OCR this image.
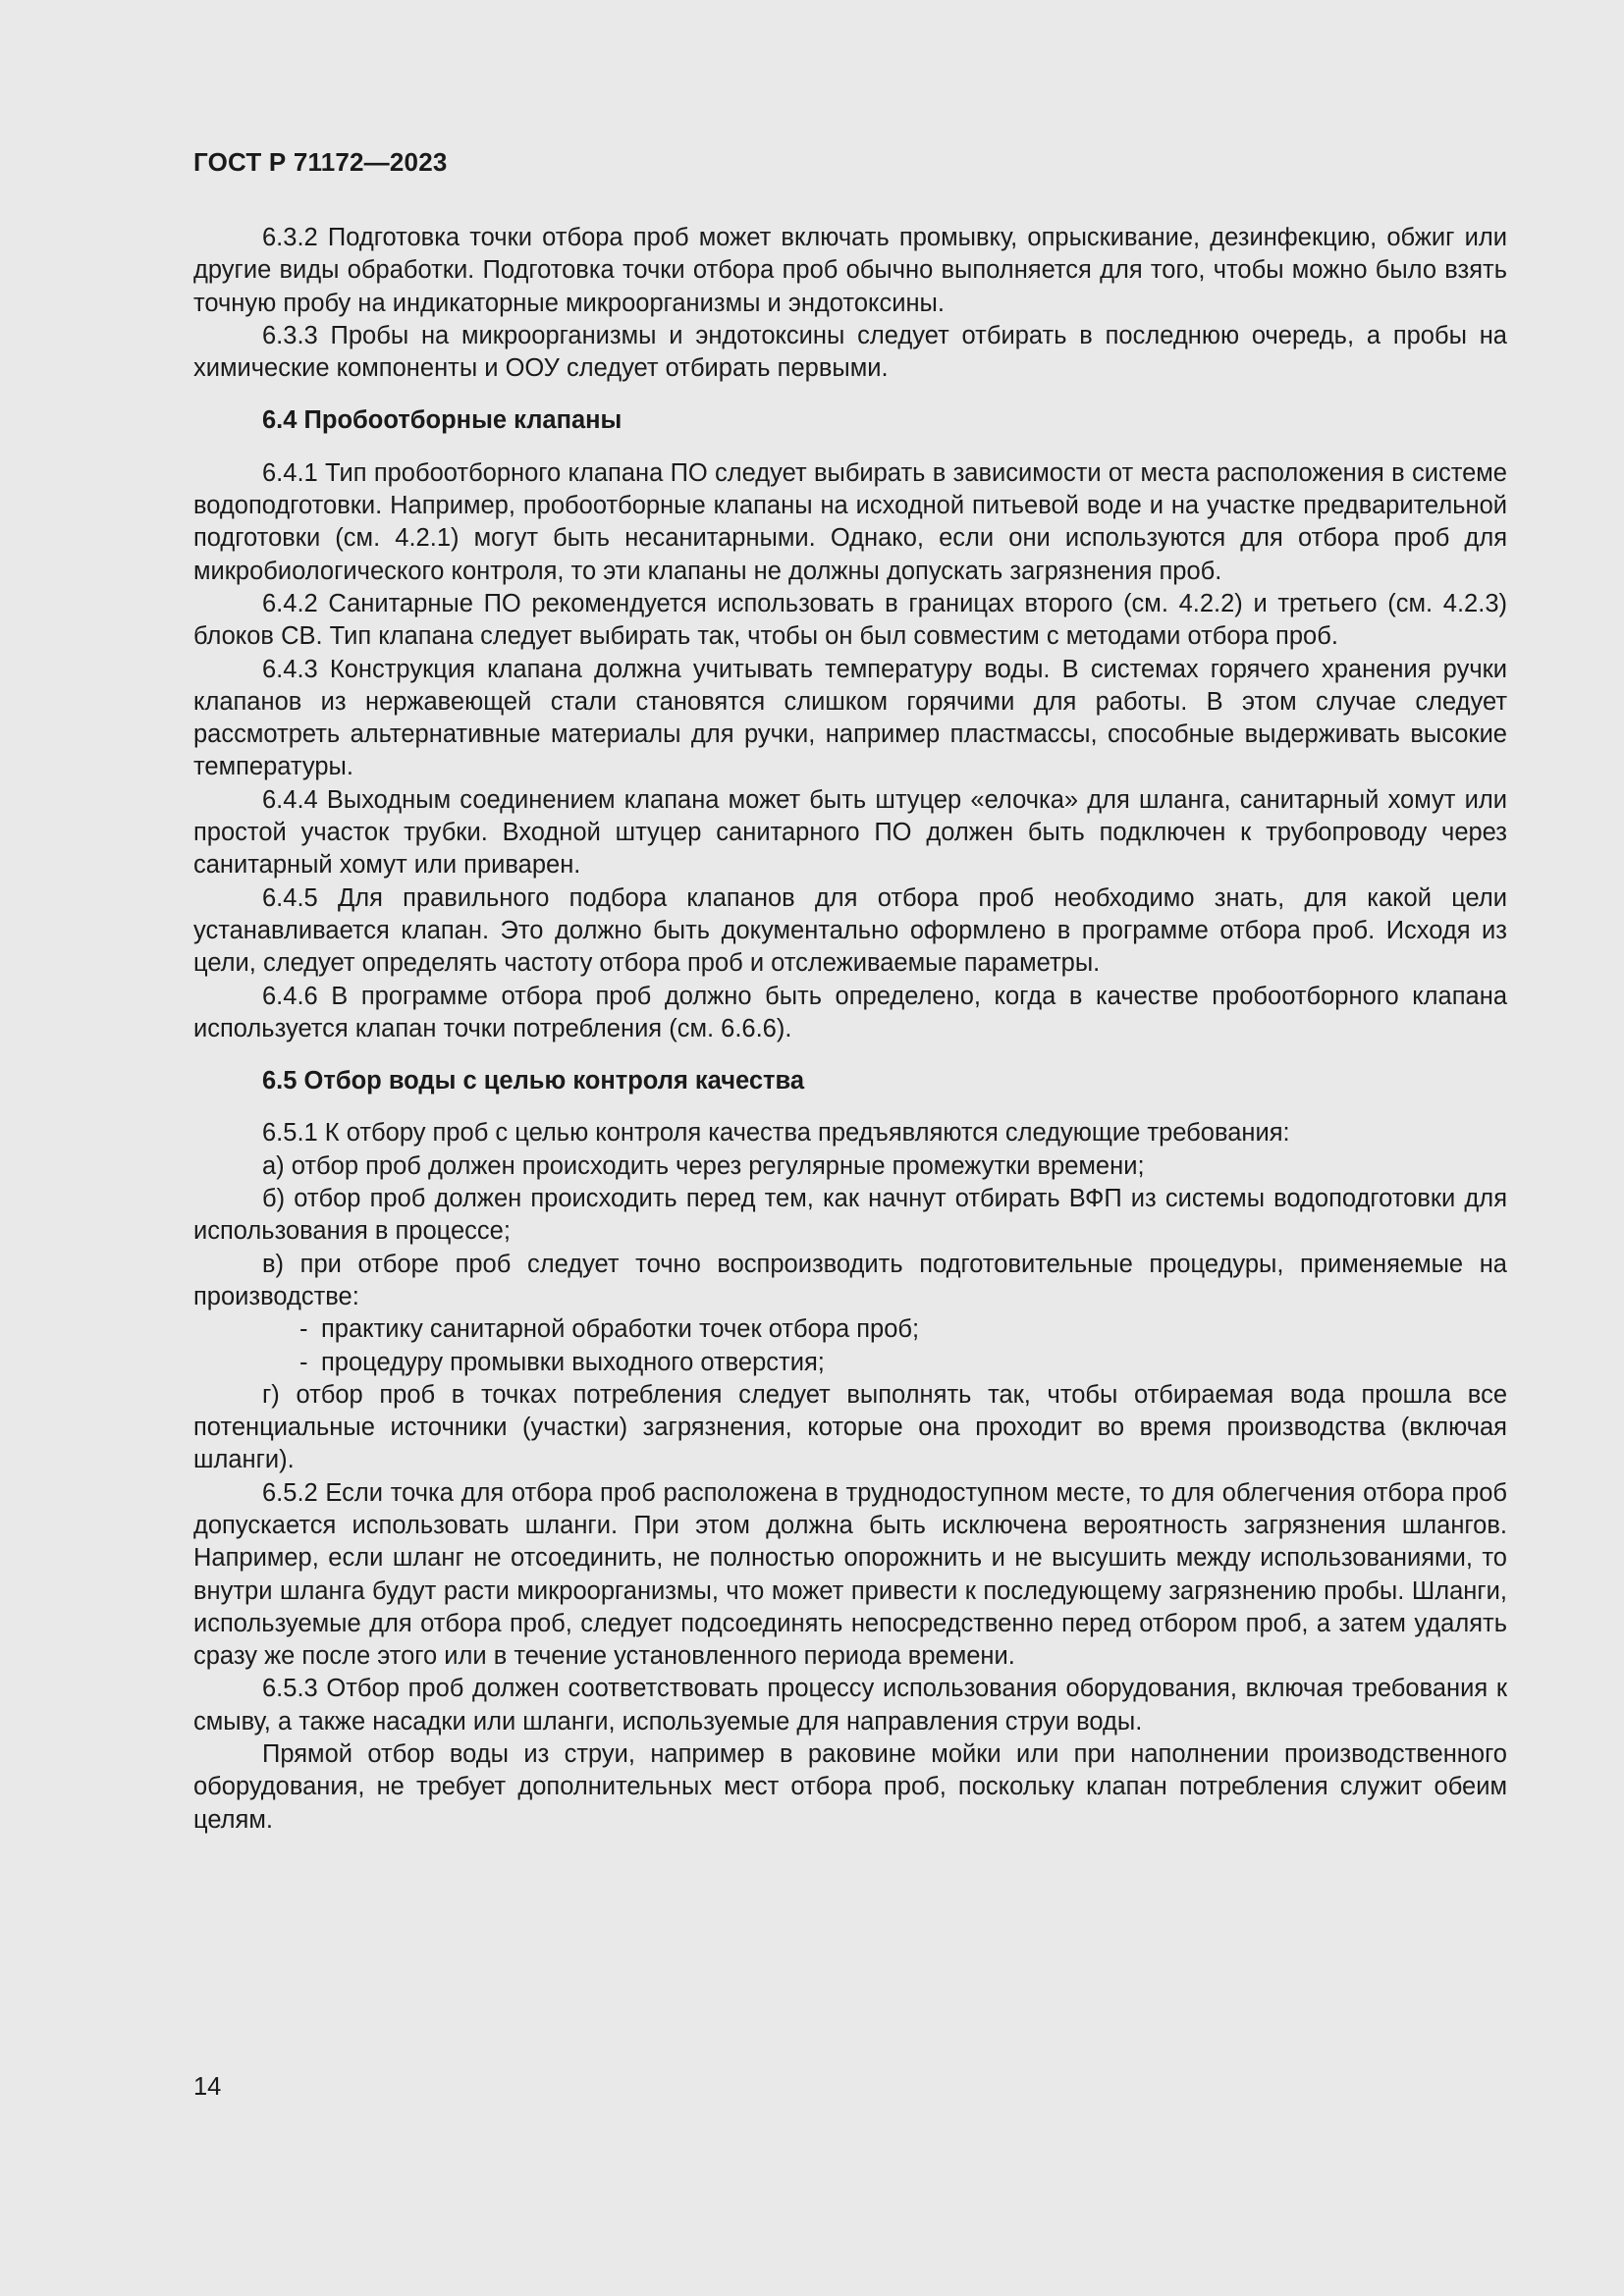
ГОСТ Р 71172—2023

6.3.2 Подготовка точки отбора проб может включать промывку, опрыскивание, дезинфекцию, обжиг или другие виды обработки. Подготовка точки отбора проб обычно выполняется для того, чтобы можно было взять точную пробу на индикаторные микроорганизмы и эндотоксины.

6.3.3 Пробы на микроорганизмы и эндотоксины следует отбирать в последнюю очередь, а пробы на химические компоненты и ООУ следует отбирать первыми.

6.4 Пробоотборные клапаны

6.4.1 Тип пробоотборного клапана ПО следует выбирать в зависимости от места расположения в системе водоподготовки. Например, пробоотборные клапаны на исходной питьевой воде и на участке предварительной подготовки (см. 4.2.1) могут быть несанитарными. Однако, если они используются для отбора проб для микробиологического контроля, то эти клапаны не должны допускать загрязнения проб.

6.4.2 Санитарные ПО рекомендуется использовать в границах второго (см. 4.2.2) и третьего (см. 4.2.3) блоков СВ. Тип клапана следует выбирать так, чтобы он был совместим с методами отбора проб.

6.4.3 Конструкция клапана должна учитывать температуру воды. В системах горячего хранения ручки клапанов из нержавеющей стали становятся слишком горячими для работы. В этом случае следует рассмотреть альтернативные материалы для ручки, например пластмассы, способные выдерживать высокие температуры.

6.4.4 Выходным соединением клапана может быть штуцер «елочка» для шланга, санитарный хомут или простой участок трубки. Входной штуцер санитарного ПО должен быть подключен к трубопроводу через санитарный хомут или приварен.

6.4.5 Для правильного подбора клапанов для отбора проб необходимо знать, для какой цели устанавливается клапан. Это должно быть документально оформлено в программе отбора проб. Исходя из цели, следует определять частоту отбора проб и отслеживаемые параметры.

6.4.6 В программе отбора проб должно быть определено, когда в качестве пробоотборного клапана используется клапан точки потребления (см. 6.6.6).

6.5 Отбор воды с целью контроля качества

6.5.1 К отбору проб с целью контроля качества предъявляются следующие требования:

а) отбор проб должен происходить через регулярные промежутки времени;

б) отбор проб должен происходить перед тем, как начнут отбирать ВФП из системы водоподготовки для использования в процессе;

в) при отборе проб следует точно воспроизводить подготовительные процедуры, применяемые на производстве:

- практику санитарной обработки точек отбора проб;

- процедуру промывки выходного отверстия;

г) отбор проб в точках потребления следует выполнять так, чтобы отбираемая вода прошла все потенциальные источники (участки) загрязнения, которые она проходит во время производства (включая шланги).

6.5.2 Если точка для отбора проб расположена в труднодоступном месте, то для облегчения отбора проб допускается использовать шланги. При этом должна быть исключена вероятность загрязнения шлангов. Например, если шланг не отсоединить, не полностью опорожнить и не высушить между использованиями, то внутри шланга будут расти микроорганизмы, что может привести к последующему загрязнению пробы. Шланги, используемые для отбора проб, следует подсоединять непосредственно перед отбором проб, а затем удалять сразу же после этого или в течение установленного периода времени.

6.5.3 Отбор проб должен соответствовать процессу использования оборудования, включая требования к смыву, а также насадки или шланги, используемые для направления струи воды.

Прямой отбор воды из струи, например в раковине мойки или при наполнении производственного оборудования, не требует дополнительных мест отбора проб, поскольку клапан потребления служит обеим целям.

14
